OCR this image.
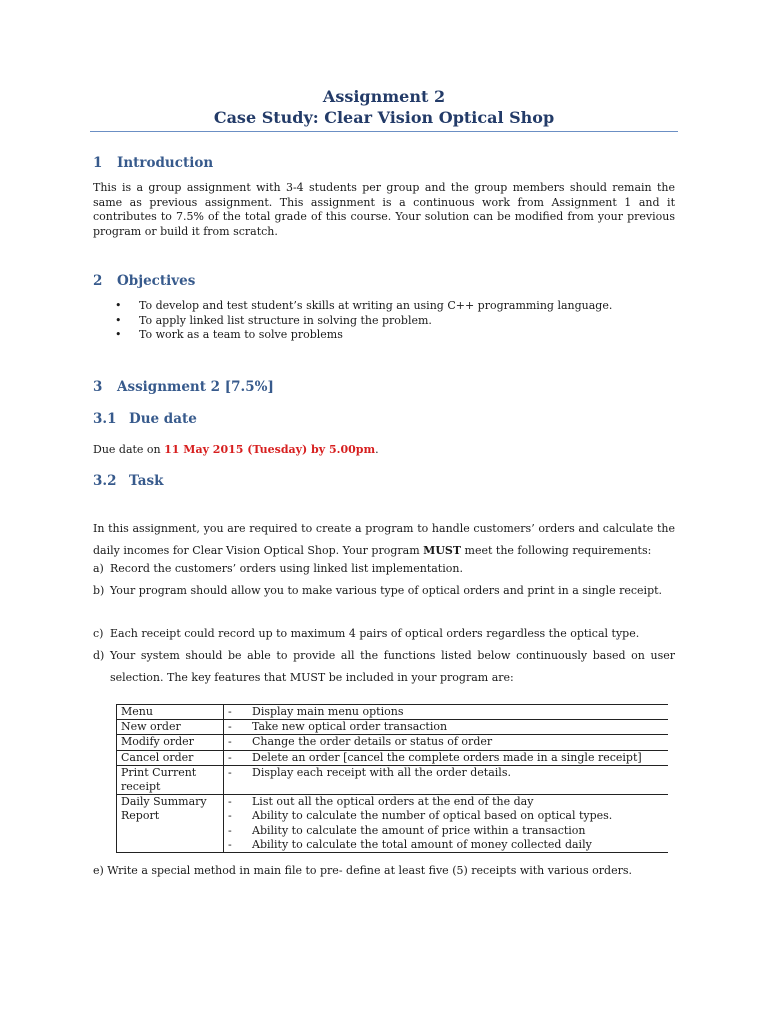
Assignment 2
Case Study: Clear Vision Optical Shop
1 Introduction
This is a group assignment with 3-4 students per group and the group members should remain the same as previous assignment. This assignment is a continuous work from Assignment 1 and it contributes to 7.5% of the total grade of this course. Your solution can be modified from your previous program or build it from scratch.
2 Objectives
• To develop and test student’s skills at writing an using C++ programming language.
• To apply linked list structure in solving the problem.
• To work as a team to solve problems
3 Assignment 2 [7.5%]
3.1 Due date
Due date on 11 May 2015 (Tuesday) by 5.00pm.
3.2 Task
In this assignment, you are required to create a program to handle customers’ orders and calculate the daily incomes for Clear Vision Optical Shop. Your program MUST meet the following requirements:
a) Record the customers’ orders using linked list implementation.
b) Your program should allow you to make various type of optical orders and print in a single receipt.
c) Each receipt could record up to maximum 4 pairs of optical orders regardless the optical type.
d) Your system should be able to provide all the functions listed below continuously based on user selection. The key features that MUST be included in your program are:
Menu	- Display main menu options
New order	- Take new optical order transaction
Modify order	- Change the order details or status of order
Cancel order	- Delete an order [cancel the complete orders made in a single receipt]
Print Current receipt	- Display each receipt with all the order details.
Daily Summary Report	- List out all the optical orders at the end of the day
- Ability to calculate the number of optical based on optical types.
- Ability to calculate the amount of price within a transaction
- Ability to calculate the total amount of money collected daily
e) Write a special method in main file to pre- define at least five (5) receipts with various orders.
